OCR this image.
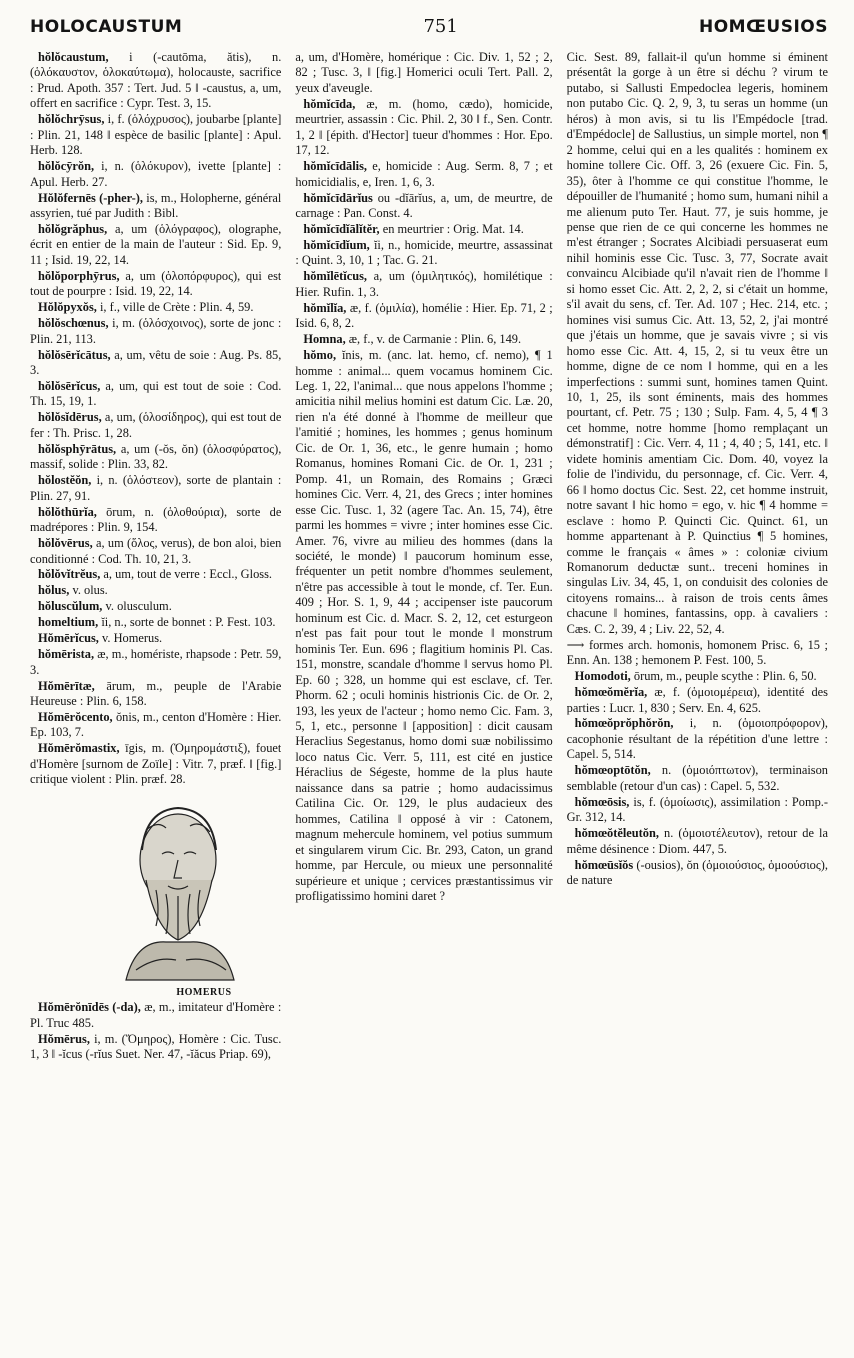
HOLOCAUSTUM	751	HOMŒUSIOS

hŏlŏcaustum, i (-cautōma, ătis), n. (ὁλόκαυστον, ὁλοκαύτωμα), holocauste, sacrifice : Prud. Apoth. 357 : Tert. Jud. 5 ‖ -caustus, a, um, offert en sacrifice : Cypr. Test. 3, 15.

hŏlŏchrȳsus, i, f. (ὁλόχρυσος), joubarbe [plante] : Plin. 21, 148 ‖ espèce de basilic [plante] : Apul. Herb. 128.

hŏlŏcȳrŏn, i, n. (ὁλόκυρον), ivette [plante] : Apul. Herb. 27.

Hŏlŏfernēs (-pher-), is, m., Holopherne, général assyrien, tué par Judith : Bibl.

hŏlŏgrăphus, a, um (ὁλόγραφος), olographe, écrit en entier de la main de l'auteur : Sid. Ep. 9, 11 ; Isid. 19, 22, 14.

hŏlŏporphȳrus, a, um (ὁλοπόρφυρος), qui est tout de pourpre : Isid. 19, 22, 14.

Hŏlŏpyxŏs, i, f., ville de Crète : Plin. 4, 59.

hŏlŏschœnus, i, m. (ὁλόσχοινος), sorte de jonc : Plin. 21, 113.

hŏlŏsērĭcātus, a, um, vêtu de soie : Aug. Ps. 85, 3.

hŏlŏsērĭcus, a, um, qui est tout de soie : Cod. Th. 15, 19, 1.

hŏlŏsĭdērus, a, um, (ὁλοσίδηρος), qui est tout de fer : Th. Prisc. 1, 28.

hŏlŏsphȳrātus, a, um (-ŏs, ŏn) (ὁλοσφύρατος), massif, solide : Plin. 33, 82.

hŏlostĕŏn, i, n. (ὁλόστεον), sorte de plantain : Plin. 27, 91.

hŏlŏthūrĭa, ōrum, n. (ὁλοθούρια), sorte de madrépores : Plin. 9, 154.

hŏlŏvērus, a, um (ὅλος, verus), de bon aloi, bien conditionné : Cod. Th. 10, 21, 3.

hŏlŏvĭtrĕus, a, um, tout de verre : Eccl., Gloss.

hŏlus, v. olus.

hŏluscŭlum, v. olusculum.

homeltium, ĭi, n., sorte de bonnet : P. Fest. 103.

Hŏmērĭcus, v. Homerus.

hŏmērista, æ, m., homériste, rhapsode : Petr. 59, 3.

Hŏmērītæ, ārum, m., peuple de l'Arabie Heureuse : Plin. 6, 158.

Hŏmērŏcento, ŏnis, m., centon d'Homère : Hier. Ep. 103, 7.

Hŏmērŏmastix, īgis, m. (Ὁμηρομάστιξ), fouet d'Homère [surnom de Zoïle] : Vitr. 7, præf. ‖ [fig.] critique violent : Plin. præf. 28.

HOMERUS

Hŏmērŏnīdēs (-da), æ, m., imitateur d'Homère : Pl. Truc 485.

Hŏmērus, i, m. (Ὅμηρος), Homère : Cic. Tusc. 1, 3 ‖ -ĭcus (-rĭus Suet. Ner. 47, -ĭăcus Priap. 69),

a, um, d'Homère, homérique : Cic. Div. 1, 52 ; 2, 82 ; Tusc. 3, ‖ [fig.] Homerici oculi Tert. Pall. 2, yeux d'aveugle.

hŏmĭcīda, æ, m. (homo, cædo), homicide, meurtrier, assassin : Cic. Phil. 2, 30 ‖ f., Sen. Contr. 1, 2 ‖ [épith. d'Hector] tueur d'hommes : Hor. Epo. 17, 12.

hŏmĭcīdālis, e, homicide : Aug. Serm. 8, 7 ; et homicidialis, e, Iren. 1, 6, 3.

hŏmĭcīdārĭus ou -dĭārĭus, a, um, de meurtre, de carnage : Pan. Const. 4.

hŏmĭcīdĭālĭtĕr, en meurtrier : Orig. Mat. 14.

hŏmĭcīdĭum, ĭi, n., homicide, meurtre, assassinat : Quint. 3, 10, 1 ; Tac. G. 21.

hŏmĭlētĭcus, a, um (ὁμιλητικός), homilétique : Hier. Rufin. 1, 3.

hŏmĭlĭa, æ, f. (ὁμιλία), homélie : Hier. Ep. 71, 2 ; Isid. 6, 8, 2.

Homna, æ, f., v. de Carmanie : Plin. 6, 149.

hŏmo, ĭnis, m. (anc. lat. hemo, cf. nemo), ¶ 1 homme : animal... quem vocamus hominem Cic. Leg. 1, 22, l'animal... que nous appelons l'homme ; amicitia nihil melius homini est datum Cic. Læ. 20, rien n'a été donné à l'homme de meilleur que l'amitié ; homines, les hommes ; genus hominum Cic. de Or. 1, 36, etc., le genre humain ; homo Romanus, homines Romani Cic. de Or. 1, 231 ; Pomp. 41, un Romain, des Romains ; Græci homines Cic. Verr. 4, 21, des Grecs ; inter homines esse Cic. Tusc. 1, 32 (agere Tac. An. 15, 74), être parmi les hommes = vivre ; inter homines esse Cic. Amer. 76, vivre au milieu des hommes (dans la société, le monde) ‖ paucorum hominum esse, fréquenter un petit nombre d'hommes seulement, n'être pas accessible à tout le monde, cf. Ter. Eun. 409 ; Hor. S. 1, 9, 44 ; accipenser iste paucorum hominum est Cic. d. Macr. S. 2, 12, cet esturgeon n'est pas fait pour tout le monde ‖ monstrum hominis Ter. Eun. 696 ; flagitium hominis Pl. Cas. 151, monstre, scandale d'homme ‖ servus homo Pl. Ep. 60 ; 328, un homme qui est esclave, cf. Ter. Phorm. 62 ; oculi hominis histrionis Cic. de Or. 2, 193, les yeux de l'acteur ; homo nemo Cic. Fam. 3, 5, 1, etc., personne ‖ [apposition] : dicit causam Heraclius Segestanus, homo domi suæ nobilissimo loco natus Cic. Verr. 5, 111, est cité en justice Héraclius de Ségeste, homme de la plus haute naissance dans sa patrie ; homo audacissimus Catilina Cic. Or. 129, le plus audacieux des hommes, Catilina ‖ opposé à vir : Catonem, magnum mehercule hominem, vel potius summum et singularem virum Cic. Br. 293, Caton, un grand homme, par Hercule, ou mieux une personnalité supérieure et unique ; cervices præstantissimus vir profligatissimo homini daret ?

Cic. Sest. 89, fallait-il qu'un homme si éminent présentât la gorge à un être si déchu ? virum te putabo, si Sallusti Empedoclea legeris, hominem non putabo Cic. Q. 2, 9, 3, tu seras un homme (un héros) à mon avis, si tu lis l'Empédocle [trad. d'Empédocle] de Sallustius, un simple mortel, non ¶ 2 homme, celui qui en a les qualités : hominem ex homine tollere Cic. Off. 3, 26 (exuere Cic. Fin. 5, 35), ôter à l'homme ce qui constitue l'homme, le dépouiller de l'humanité ; homo sum, humani nihil a me alienum puto Ter. Haut. 77, je suis homme, je pense que rien de ce qui concerne les hommes ne m'est étranger ; Socrates Alcibiadi persuaserat eum nihil hominis esse Cic. Tusc. 3, 77, Socrate avait convaincu Alcibiade qu'il n'avait rien de l'homme ‖ si homo esset Cic. Att. 2, 2, 2, si c'était un homme, s'il avait du sens, cf. Ter. Ad. 107 ; Hec. 214, etc. ; homines visi sumus Cic. Att. 13, 52, 2, j'ai montré que j'étais un homme, que je savais vivre ; si vis homo esse Cic. Att. 4, 15, 2, si tu veux être un homme, digne de ce nom ‖ homme, qui en a les imperfections : summi sunt, homines tamen Quint. 10, 1, 25, ils sont éminents, mais des hommes pourtant, cf. Petr. 75 ; 130 ; Sulp. Fam. 4, 5, 4 ¶ 3 cet homme, notre homme [homo remplaçant un démonstratif] : Cic. Verr. 4, 11 ; 4, 40 ; 5, 141, etc. ‖ videte hominis amentiam Cic. Dom. 40, voyez la folie de l'individu, du personnage, cf. Cic. Verr. 4, 66 ‖ homo doctus Cic. Sest. 22, cet homme instruit, notre savant ‖ hic homo = ego, v. hic ¶ 4 homme = esclave : homo P. Quincti Cic. Quinct. 61, un homme appartenant à P. Quinctius ¶ 5 homines, comme le français « âmes » : coloniæ civium Romanorum deductæ sunt.. treceni homines in singulas Liv. 34, 45, 1, on conduisit des colonies de citoyens romains... à raison de trois cents âmes chacune ‖ homines, fantassins, opp. à cavaliers : Cæs. C. 2, 39, 4 ; Liv. 22, 52, 4.

⟶ formes arch. homonis, homonem Prisc. 6, 15 ; Enn. An. 138 ; hemonem P. Fest. 100, 5.

Homodoti, ōrum, m., peuple scythe : Plin. 6, 50.

hŏmœŏmĕrĭa, æ, f. (ὁμοιομέρεια), identité des parties : Lucr. 1, 830 ; Serv. En. 4, 625.

hŏmœŏprŏphŏrŏn, i, n. (ὁμοιοπρόφορον), cacophonie résultant de la répétition d'une lettre : Capel. 5, 514.

hŏmœoptōtŏn, n. (ὁμοιόπτωτον), terminaison semblable (retour d'un cas) : Capel. 5, 532.

hŏmœōsis, is, f. (ὁμοίωσις), assimilation : Pomp.-Gr. 312, 14.

hŏmœŏtĕleutŏn, n. (ὁμοιοτέλευτον), retour de la même désinence : Diom. 447, 5.

hŏmœūsĭŏs (-ousios), ŏn (ὁμοιούσιος, ὁμοούσιος), de nature
